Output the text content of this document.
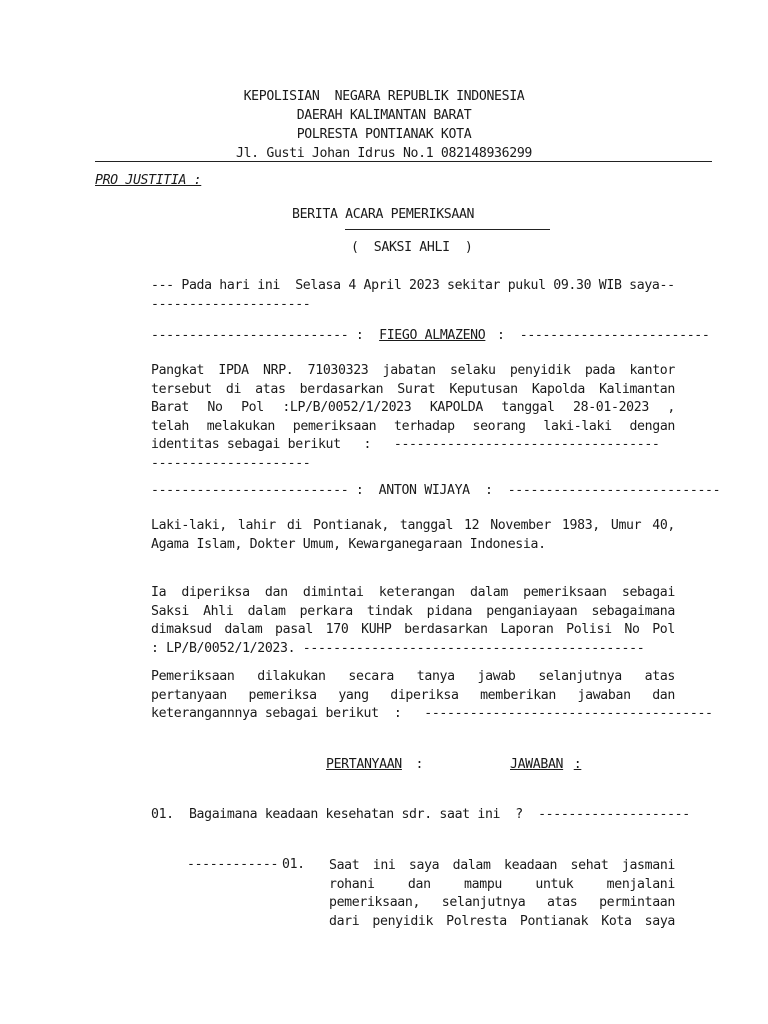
KEPOLISIAN  NEGARA REPUBLIK INDONESIA
DAERAH KALIMANTAN BARAT
POLRESTA PONTIANAK KOTA
Jl. Gusti Johan Idrus No.1 082148936299
PRO JUSTITIA :
BERITA ACARA PEMERIKSAAN
(  SAKSI AHLI  )
--- Pada hari ini  Selasa 4 April 2023 sekitar pukul 09.30 WIB saya--
---------------------
-------------------------- : FIEGO ALMAZENO :  -------------------------
Pangkat IPDA NRP. 71030323 jabatan selaku penyidik pada kantor
tersebut di atas berdasarkan Surat Keputusan Kapolda Kalimantan
Barat No Pol :LP/B/0052/1/2023 KAPOLDA tanggal 28-01-2023 ,
telah melakukan pemeriksaan terhadap seorang laki-laki dengan
identitas sebagai berikut   :   -----------------------------------
---------------------
-------------------------- :  ANTON WIJAYA  :  ----------------------------
Laki-laki, lahir di Pontianak, tanggal 12 November 1983, Umur 40,
Agama Islam, Dokter Umum, Kewarganegaraan Indonesia.
Ia diperiksa dan dimintai keterangan dalam pemeriksaan sebagai
Saksi Ahli dalam perkara tindak pidana penganiayaan sebagaimana
dimaksud dalam pasal 170 KUHP berdasarkan Laporan Polisi No Pol
: LP/B/0052/1/2023. ---------------------------------------------
Pemeriksaan dilakukan secara tanya jawab selanjutnya atas
pertanyaan pemeriksa yang diperiksa memberikan jawaban dan
keterangannnya sebagai berikut  :   --------------------------------------
PERTANYAAN :	JAWABAN :
01.  Bagaimana keadaan kesehatan sdr. saat ini  ?  --------------------
------------ 01. Saat ini saya dalam keadaan sehat jasmani
rohani dan mampu untuk menjalani
pemeriksaan, selanjutnya atas permintaan
dari penyidik Polresta Pontianak Kota saya
